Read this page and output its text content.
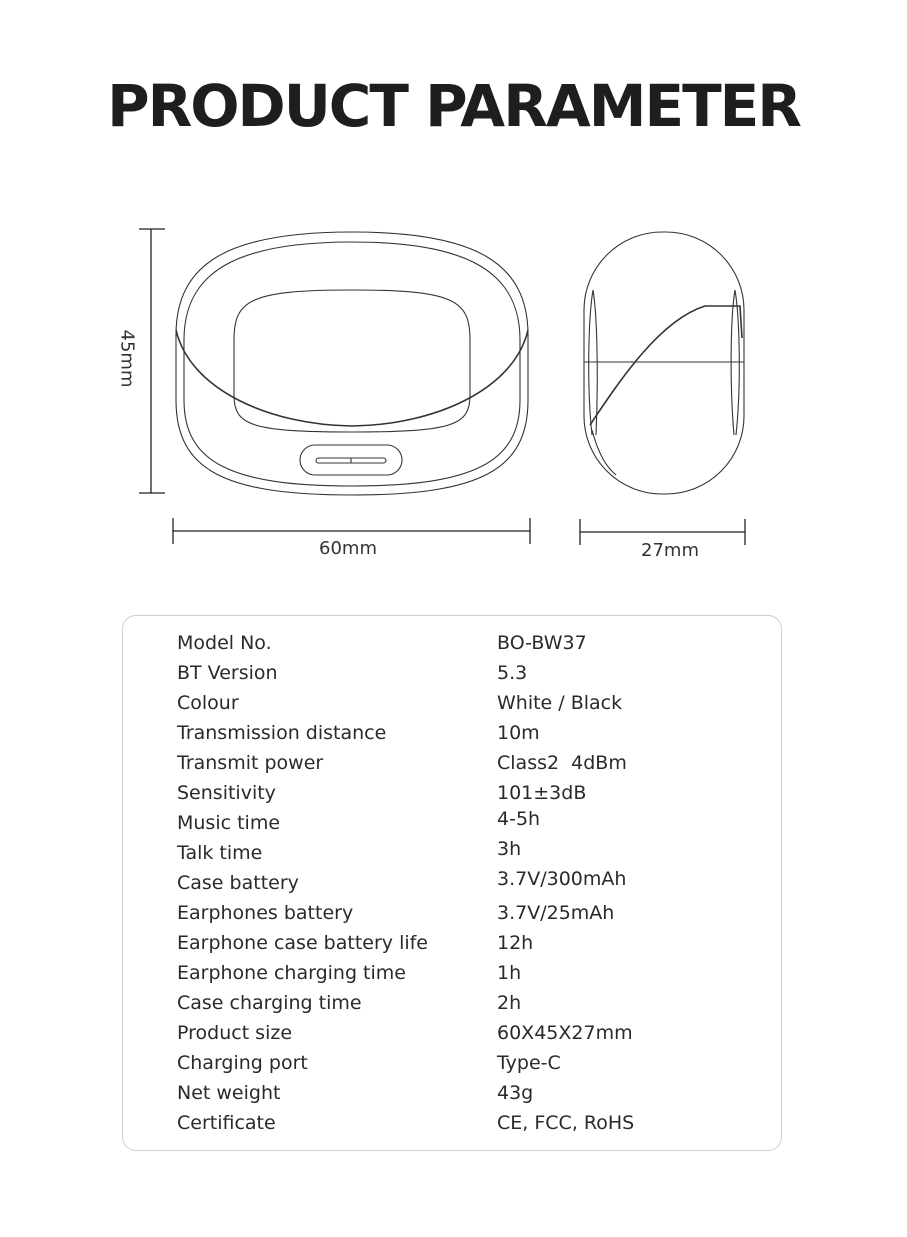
PRODUCT PARAMETER
45mm
60mm	27mm
Model No.	BO-BW37
BT Version	5.3
Colour	White / Black
Transmission distance	10m
Transmit power	Class2  4dBm
Sensitivity	101±3dB
Music time	4-5h
Talk time	3h
Case battery	3.7V/300mAh
Earphones battery	3.7V/25mAh
Earphone case battery life	12h
Earphone charging time	1h
Case charging time	2h
Product size	60X45X27mm
Charging port	Type-C
Net weight	43g
Certificate	CE, FCC, RoHS
